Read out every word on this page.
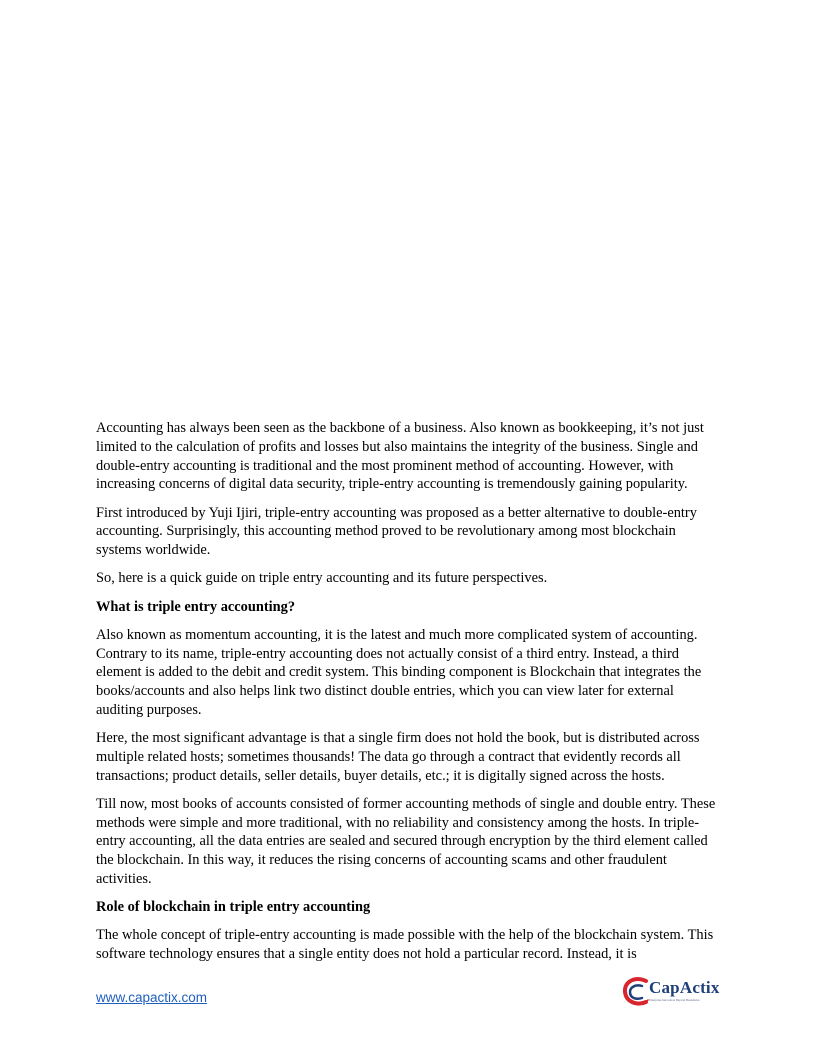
Accounting has always been seen as the backbone of a business. Also known as bookkeeping, it’s not just limited to the calculation of profits and losses but also maintains the integrity of the business. Single and double-entry accounting is traditional and the most prominent method of accounting. However, with increasing concerns of digital data security, triple-entry accounting is tremendously gaining popularity.

First introduced by Yuji Ijiri, triple-entry accounting was proposed as a better alternative to double-entry accounting. Surprisingly, this accounting method proved to be revolutionary among most blockchain systems worldwide.

So, here is a quick guide on triple entry accounting and its future perspectives.

What is triple entry accounting?

Also known as momentum accounting, it is the latest and much more complicated system of accounting. Contrary to its name, triple-entry accounting does not actually consist of a third entry. Instead, a third element is added to the debit and credit system. This binding component is Blockchain that integrates the books/accounts and also helps link two distinct double entries, which you can view later for external auditing purposes.

Here, the most significant advantage is that a single firm does not hold the book, but is distributed across multiple related hosts; sometimes thousands! The data go through a contract that evidently records all transactions; product details, seller details, buyer details, etc.; it is digitally signed across the hosts.

Till now, most books of accounts consisted of former accounting methods of single and double entry. These methods were simple and more traditional, with no reliability and consistency among the hosts. In triple-entry accounting, all the data entries are sealed and secured through encryption by the third element called the blockchain. In this way, it reduces the rising concerns of accounting scams and other fraudulent activities.

Role of blockchain in triple entry accounting

The whole concept of triple-entry accounting is made possible with the help of the blockchain system. This software technology ensures that a single entity does not hold a particular record. Instead, it is

www.capactix.com
CapActix
Enterprise Innovation Beyond Boundaries
